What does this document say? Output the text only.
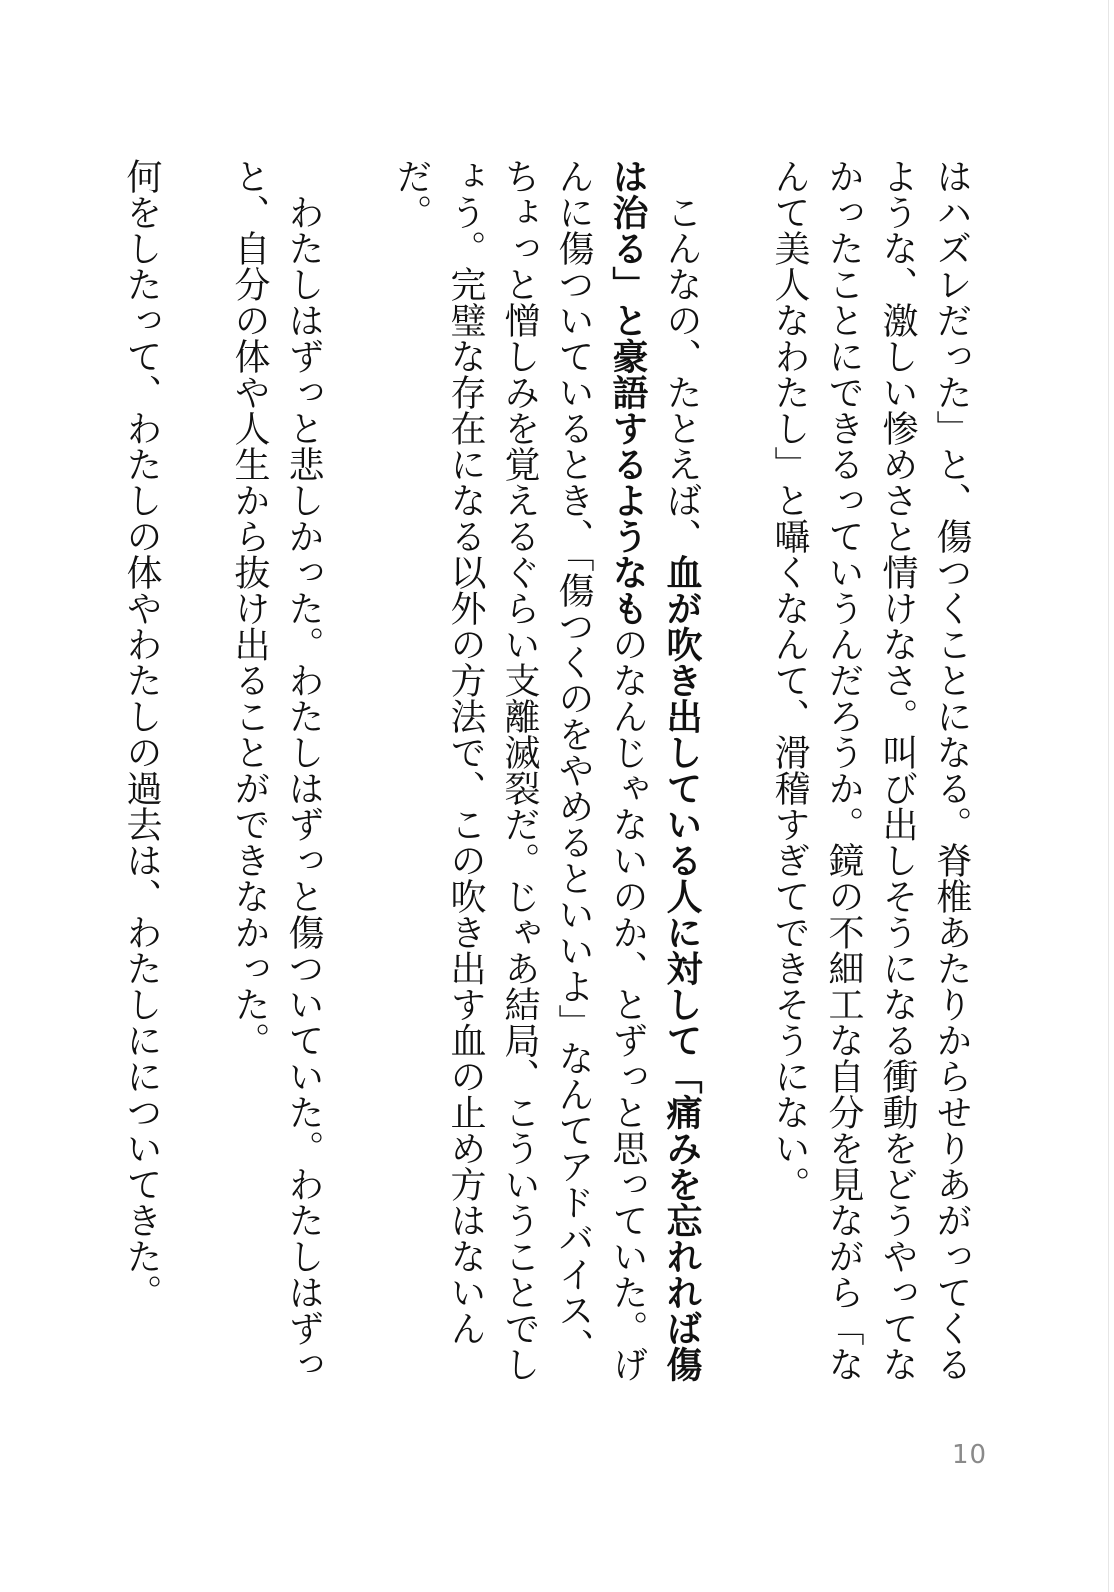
はハズレだった」と、傷つくことになる。脊椎あたりからせりあがってくるような、激しい惨めさと情けなさ。叫び出しそうになる衝動をどうやってなかったことにできるっていうんだろうか。鏡の不細工な自分を見ながら「なんて美人なわたし」と囁くなんて、滑稽すぎてできそうにない。

こんなの、たとえば、血が吹き出している人に対して「痛みを忘れれば傷は治る」と豪語するようなものなんじゃないのか、とずっと思っていた。げんに傷ついているとき、「傷つくのをやめるといいよ」なんてアドバイス、ちょっと憎しみを覚えるぐらい支離滅裂だ。じゃあ結局、こういうことでしょう。完璧な存在になる以外の方法で、この吹き出す血の止め方はないんだ。

わたしはずっと悲しかった。わたしはずっと傷ついていた。わたしはずっと、自分の体や人生から抜け出ることができなかった。

何をしたって、わたしの体やわたしの過去は、わたしにについてきた。

10
